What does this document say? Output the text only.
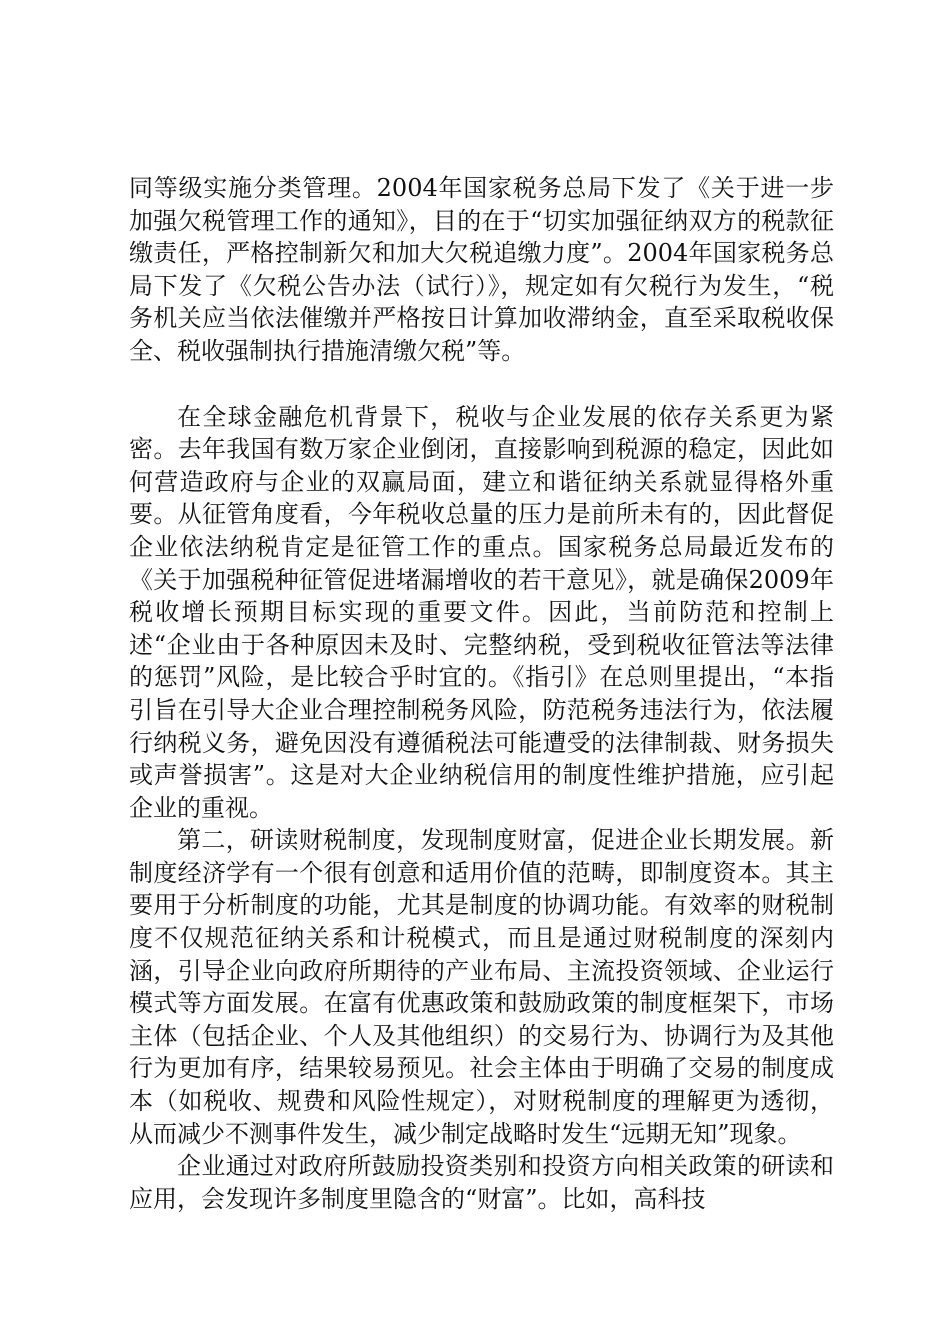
同等级实施分类管理。2004年国家税务总局下发了《关于进一步加强欠税管理工作的通知》，目的在于“切实加强征纳双方的税款征缴责任，严格控制新欠和加大欠税追缴力度”。2004年国家税务总局下发了《欠税公告办法（试行）》，规定如有欠税行为发生，“税务机关应当依法催缴并严格按日计算加收滞纳金，直至采取税收保全、税收强制执行措施清缴欠税”等。

在全球金融危机背景下，税收与企业发展的依存关系更为紧密。去年我国有数万家企业倒闭，直接影响到税源的稳定，因此如何营造政府与企业的双赢局面，建立和谐征纳关系就显得格外重要。从征管角度看，今年税收总量的压力是前所未有的，因此督促企业依法纳税肯定是征管工作的重点。国家税务总局最近发布的《关于加强税种征管促进堵漏增收的若干意见》，就是确保2009年税收增长预期目标实现的重要文件。因此，当前防范和控制上述“企业由于各种原因未及时、完整纳税，受到税收征管法等法律的惩罚”风险，是比较合乎时宜的。《指引》在总则里提出，“本指引旨在引导大企业合理控制税务风险，防范税务违法行为，依法履行纳税义务，避免因没有遵循税法可能遭受的法律制裁、财务损失或声誉损害”。这是对大企业纳税信用的制度性维护措施，应引起企业的重视。

第二，研读财税制度，发现制度财富，促进企业长期发展。新制度经济学有一个很有创意和适用价值的范畴，即制度资本。其主要用于分析制度的功能，尤其是制度的协调功能。有效率的财税制度不仅规范征纳关系和计税模式，而且是通过财税制度的深刻内涵，引导企业向政府所期待的产业布局、主流投资领域、企业运行模式等方面发展。在富有优惠政策和鼓励政策的制度框架下，市场主体（包括企业、个人及其他组织）的交易行为、协调行为及其他行为更加有序，结果较易预见。社会主体由于明确了交易的制度成本（如税收、规费和风险性规定），对财税制度的理解更为透彻，从而减少不测事件发生，减少制定战略时发生“远期无知”现象。

企业通过对政府所鼓励投资类别和投资方向相关政策的研读和应用，会发现许多制度里隐含的“财富”。比如，高科技
